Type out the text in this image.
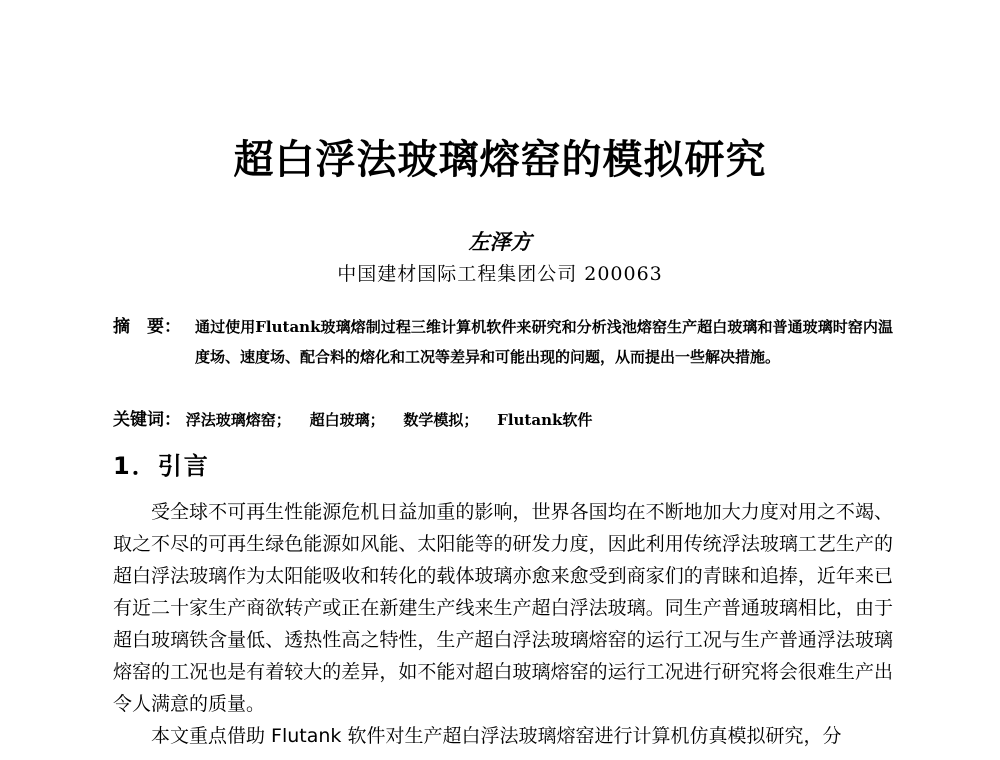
超白浮法玻璃熔窑的模拟研究
左泽方
中国建材国际工程集团公司 200063
摘　要： 通过使用Flutank玻璃熔制过程三维计算机软件来研究和分析浅池熔窑生产超白玻璃和普通玻璃时窑内温度场、速度场、配合料的熔化和工况等差异和可能出现的问题，从而提出一些解决措施。
关键词： 浮法玻璃熔窑； 超白玻璃； 数学模拟； Flutank软件
1．引言

受全球不可再生性能源危机日益加重的影响，世界各国均在不断地加大力度对用之不竭、取之不尽的可再生绿色能源如风能、太阳能等的研发力度，因此利用传统浮法玻璃工艺生产的超白浮法玻璃作为太阳能吸收和转化的载体玻璃亦愈来愈受到商家们的青睐和追捧，近年来已有近二十家生产商欲转产或正在新建生产线来生产超白浮法玻璃。同生产普通玻璃相比，由于超白玻璃铁含量低、透热性高之特性，生产超白浮法玻璃熔窑的运行工况与生产普通浮法玻璃熔窑的工况也是有着较大的差异，如不能对超白玻璃熔窑的运行工况进行研究将会很难生产出令人满意的质量。

本文重点借助 Flutank 软件对生产超白浮法玻璃熔窑进行计算机仿真模拟研究，分
